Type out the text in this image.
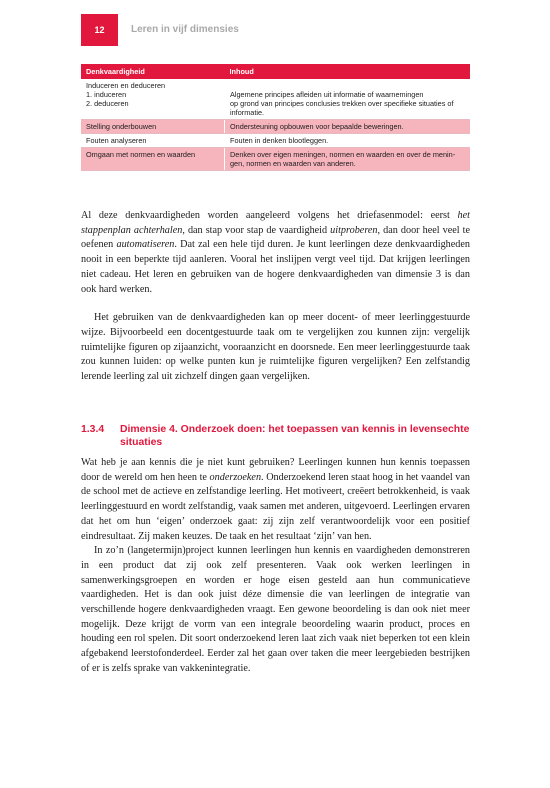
12	Leren in vijf dimensies
Denkvaardigheid	Inhoud

Induceren en deduceren
1. induceren
2. deduceren	Algemene principes afleiden uit informatie of waarnemingen
op grond van principes conclusies trekken over specifieke situaties of informatie.

Stelling onderbouwen	Ondersteuning opbouwen voor bepaalde beweringen.

Fouten analyseren	Fouten in denken blootleggen.

Omgaan met normen en waarden	Denken over eigen meningen, normen en waarden en over de menin-
gen, normen en waarden van anderen.

Al deze denkvaardigheden worden aangeleerd volgens het driefasenmodel: eerst het stappenplan achterhalen, dan stap voor stap de vaardigheid uitproberen, dan door heel veel te oefenen automatiseren. Dat zal een hele tijd duren. Je kunt leerlingen deze denkvaardigheden nooit in een beperkte tijd aanleren. Vooral het inslijpen vergt veel tijd. Dat krijgen leerlingen niet cadeau. Het leren en gebruiken van de hogere denkvaardigheden van dimensie 3 is dan ook hard werken.

Het gebruiken van de denkvaardigheden kan op meer docent- of meer leerlinggestuurde wijze. Bijvoorbeeld een docentgestuurde taak om te vergelijken zou kunnen zijn: vergelijk ruimtelijke figuren op zijaanzicht, vooraanzicht en doorsnede. Een meer leerlinggestuurde taak zou kunnen luiden: op welke punten kun je ruimtelijke figuren vergelijken? Een zelfstandig lerende leerling zal uit zichzelf dingen gaan vergelijken.

1.3.4 Dimensie 4. Onderzoek doen: het toepassen van kennis in levensechte situaties

Wat heb je aan kennis die je niet kunt gebruiken? Leerlingen kunnen hun kennis toepassen door de wereld om hen heen te onderzoeken. Onderzoekend leren staat hoog in het vaandel van de school met de actieve en zelfstandige leerling. Het motiveert, creëert betrokkenheid, is vaak leerlinggestuurd en wordt zelfstandig, vaak samen met anderen, uitgevoerd. Leerlingen ervaren dat het om hun ‘eigen’ onderzoek gaat: zij zijn zelf verantwoordelijk voor een positief eindresultaat. Zij maken keuzes. De taak en het resultaat ‘zijn’ van hen.

In zo’n (langetermijn)project kunnen leerlingen hun kennis en vaardigheden demonstreren in een product dat zij ook zelf presenteren. Vaak ook werken leerlingen in samenwerkingsgroepen en worden er hoge eisen gesteld aan hun communicatieve vaardigheden. Het is dan ook juist déze dimensie die van leerlingen de integratie van verschillende hogere denkvaardigheden vraagt. Een gewone beoordeling is dan ook niet meer mogelijk. Deze krijgt de vorm van een integrale beoordeling waarin product, proces en houding een rol spelen. Dit soort onderzoekend leren laat zich vaak niet beperken tot een klein afgebakend leerstofonderdeel. Eerder zal het gaan over taken die meer leergebieden bestrijken of er is zelfs sprake van vakkenintegratie.
